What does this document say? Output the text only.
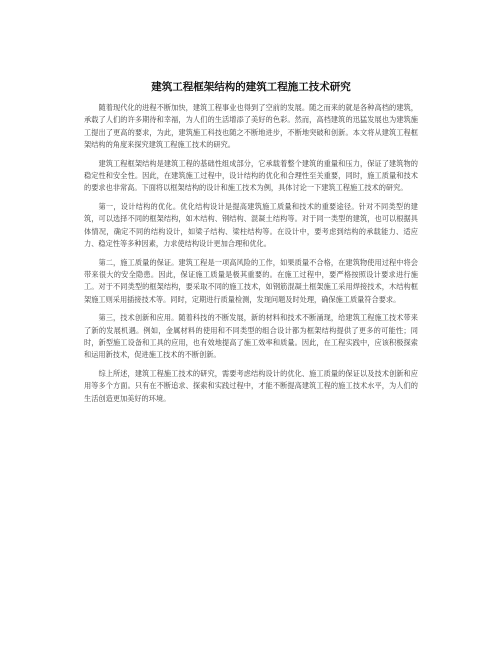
建筑工程框架结构的建筑工程施工技术研究

随着现代化的进程不断加快，建筑工程事业也得到了空前的发展。随之而来的就是各种高档的建筑，承载了人们的许多期待和幸福，为人们的生活增添了美好的色彩。然而，高档建筑的迅猛发展也为建筑施工提出了更高的要求，为此，建筑施工科技也随之不断地进步，不断地突破和创新。本文将从建筑工程框架结构的角度来探究建筑工程施工技术的研究。

建筑工程框架结构是建筑工程的基础性组成部分，它承载着整个建筑的重量和压力，保证了建筑物的稳定性和安全性。因此，在建筑施工过程中，设计结构的优化和合理性至关重要，同时，施工质量和技术的要求也非常高。下面将以框架结构的设计和施工技术为例，具体讨论一下建筑工程施工技术的研究。

第一，设计结构的优化。优化结构设计是提高建筑施工质量和技术的重要途径。针对不同类型的建筑，可以选择不同的框架结构，如木结构、钢结构、混凝土结构等。对于同一类型的建筑，也可以根据具体情况，确定不同的结构设计，如梁子结构、梁柱结构等。在设计中，要考虑到结构的承载能力、适应力、稳定性等多种因素，力求使结构设计更加合理和优化。

第二，施工质量的保证。建筑工程是一项高风险的工作，如果质量不合格，在建筑物使用过程中将会带来很大的安全隐患。因此，保证施工质量是极其重要的。在施工过程中，要严格按照设计要求进行施工。对于不同类型的框架结构，要采取不同的施工技术，如钢筋混凝土框架施工采用焊接技术，木结构框架施工则采用插接技术等。同时，定期进行质量检测，发现问题及时处理，确保施工质量符合要求。

第三，技术创新和应用。随着科技的不断发展，新的材料和技术不断涌现，给建筑工程施工技术带来了新的发展机遇。例如，金属材料的使用和不同类型的组合设计都为框架结构提供了更多的可能性；同时，新型施工设备和工具的应用，也有效地提高了施工效率和质量。因此，在工程实践中，应该积极探索和运用新技术，促进施工技术的不断创新。

综上所述，建筑工程施工技术的研究，需要考虑结构设计的优化、施工质量的保证以及技术创新和应用等多个方面。只有在不断追求、探索和实践过程中，才能不断提高建筑工程的施工技术水平，为人们的生活创造更加美好的环境。
